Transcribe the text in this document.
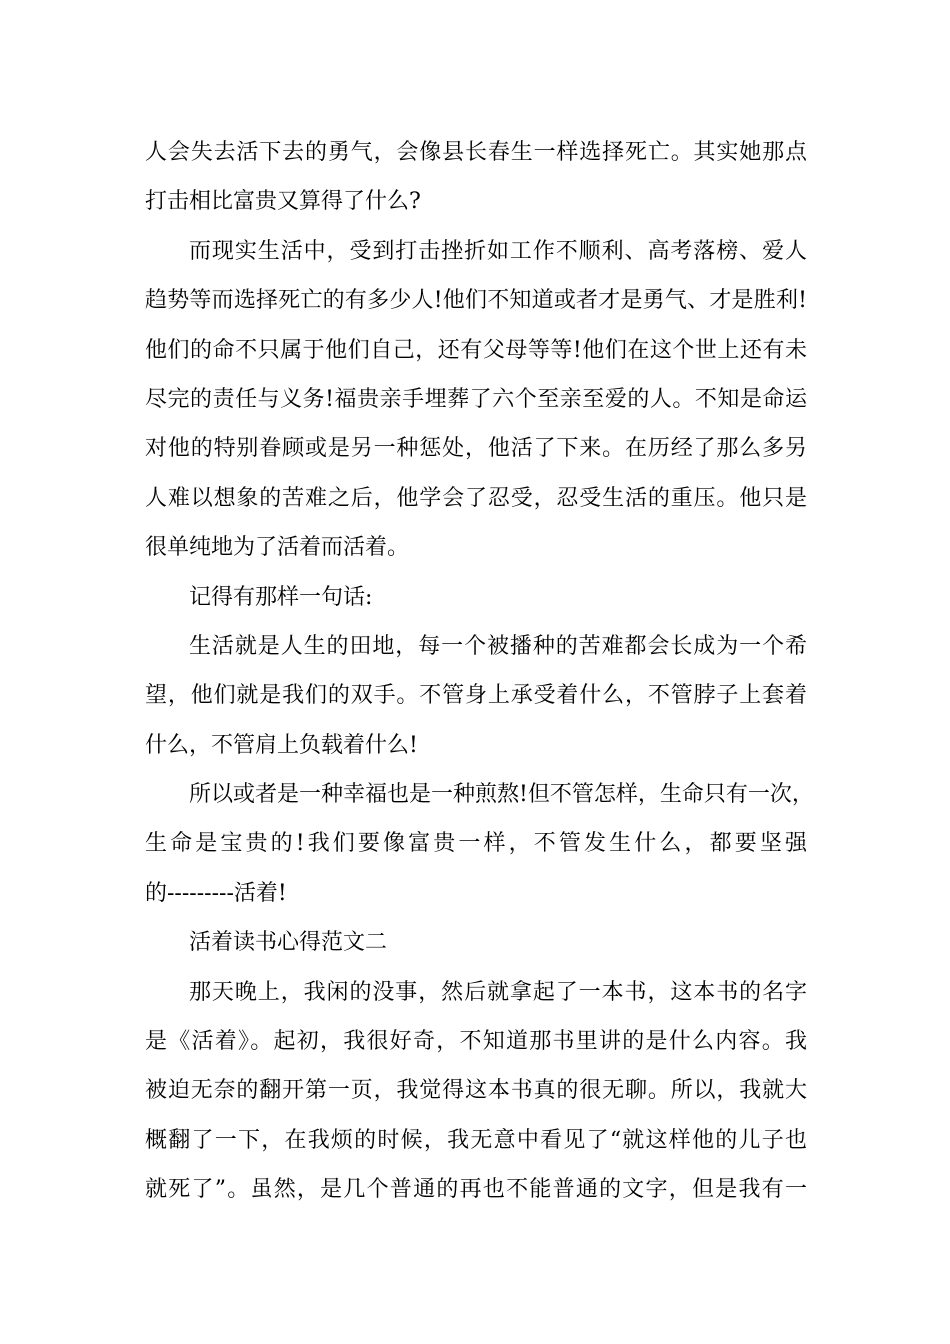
人会失去活下去的勇气，会像县长春生一样选择死亡。其实她那点
打击相比富贵又算得了什么?
而现实生活中，受到打击挫折如工作不顺利、高考落榜、爱人
趋势等而选择死亡的有多少人!他们不知道或者才是勇气、才是胜利!
他们的命不只属于他们自己，还有父母等等!他们在这个世上还有未
尽完的责任与义务!福贵亲手埋葬了六个至亲至爱的人。不知是命运
对他的特别眷顾或是另一种惩处，他活了下来。在历经了那么多另
人难以想象的苦难之后，他学会了忍受，忍受生活的重压。他只是
很单纯地为了活着而活着。
记得有那样一句话:
生活就是人生的田地，每一个被播种的苦难都会长成为一个希
望，他们就是我们的双手。不管身上承受着什么，不管脖子上套着
什么，不管肩上负载着什么!
所以或者是一种幸福也是一种煎熬!但不管怎样，生命只有一次，
生命是宝贵的!我们要像富贵一样，不管发生什么，都要坚强
的---------活着!
活着读书心得范文二
那天晚上，我闲的没事，然后就拿起了一本书，这本书的名字
是《活着》。起初，我很好奇，不知道那书里讲的是什么内容。我
被迫无奈的翻开第一页，我觉得这本书真的很无聊。所以，我就大
概翻了一下，在我烦的时候，我无意中看见了“就这样他的儿子也
就死了”。虽然，是几个普通的再也不能普通的文字，但是我有一
